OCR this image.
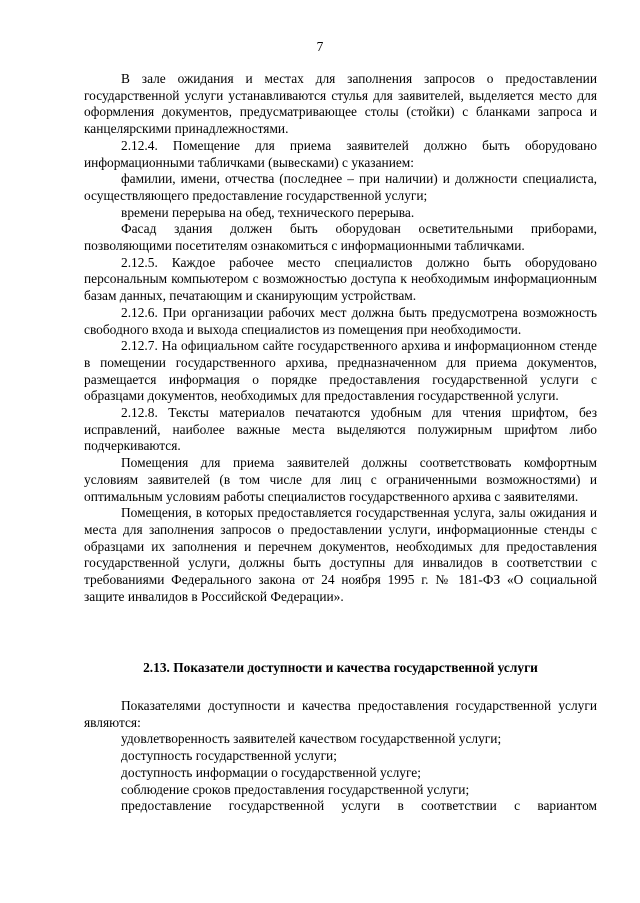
7

В зале ожидания и местах для заполнения запросов о предоставлении государственной услуги устанавливаются стулья для заявителей, выделяется место для оформления документов, предусматривающее столы (стойки) с бланками запроса и канцелярскими принадлежностями.

2.12.4. Помещение для приема заявителей должно быть оборудовано информационными табличками (вывесками) с указанием:

фамилии, имени, отчества (последнее – при наличии) и должности специалиста, осуществляющего предоставление государственной услуги;

времени перерыва на обед, технического перерыва.

Фасад здания должен быть оборудован осветительными приборами, позволяющими посетителям ознакомиться с информационными табличками.

2.12.5. Каждое рабочее место специалистов должно быть оборудовано персональным компьютером с возможностью доступа к необходимым информационным базам данных, печатающим и сканирующим устройствам.

2.12.6. При организации рабочих мест должна быть предусмотрена возможность свободного входа и выхода специалистов из помещения при необходимости.

2.12.7. На официальном сайте государственного архива и информационном стенде в помещении государственного архива, предназначенном для приема документов, размещается информация о порядке предоставления государственной услуги с образцами документов, необходимых для предоставления государственной услуги.

2.12.8. Тексты материалов печатаются удобным для чтения шрифтом, без исправлений, наиболее важные места выделяются полужирным шрифтом либо подчеркиваются.

Помещения для приема заявителей должны соответствовать комфортным условиям заявителей (в том числе для лиц с ограниченными возможностями) и оптимальным условиям работы специалистов государственного архива с заявителями.

Помещения, в которых предоставляется государственная услуга, залы ожидания и места для заполнения запросов о предоставлении услуги, информационные стенды с образцами их заполнения и перечнем документов, необходимых для предоставления государственной услуги, должны быть доступны для инвалидов в соответствии с требованиями Федерального закона от 24 ноября 1995 г. № 181-ФЗ «О социальной защите инвалидов в Российской Федерации».

2.13. Показатели доступности и качества государственной услуги

Показателями доступности и качества предоставления государственной услуги являются:

удовлетворенность заявителей качеством государственной услуги;

доступность государственной услуги;

доступность информации о государственной услуге;

соблюдение сроков предоставления государственной услуги;

предоставление государственной услуги в соответствии с вариантом
